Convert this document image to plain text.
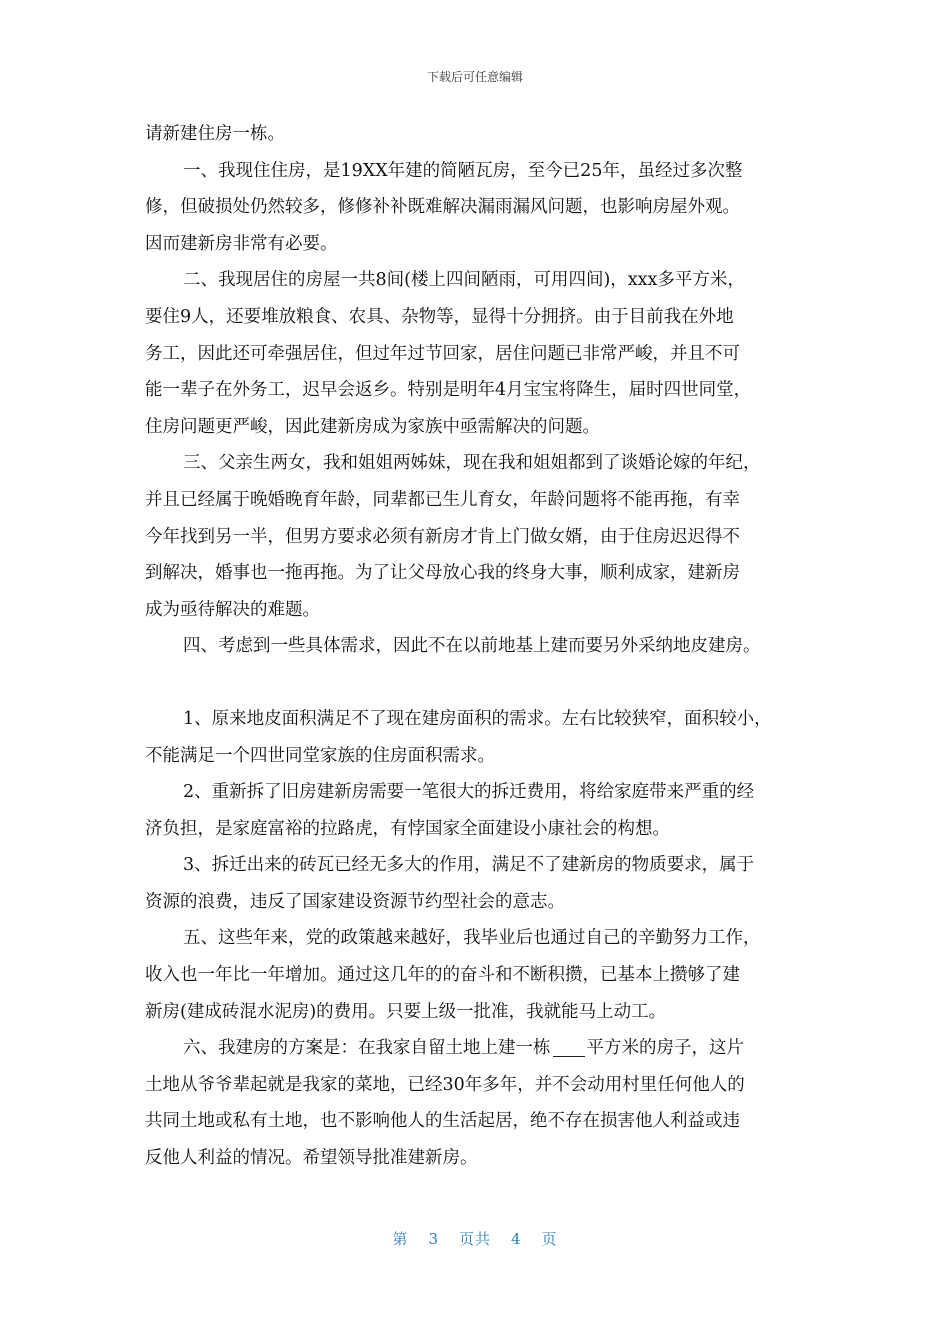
下载后可任意编辑
请新建住房一栋。
一、我现住住房，是19XX年建的简陋瓦房，至今已25年，虽经过多次整
修，但破损处仍然较多，修修补补既难解决漏雨漏风问题，也影响房屋外观。
因而建新房非常有必要。
二、我现居住的房屋一共8间(楼上四间陋雨，可用四间)，xxx多平方米，
要住9人，还要堆放粮食、农具、杂物等，显得十分拥挤。由于目前我在外地
务工，因此还可牵强居住，但过年过节回家，居住问题已非常严峻，并且不可
能一辈子在外务工，迟早会返乡。特别是明年4月宝宝将降生，届时四世同堂，
住房问题更严峻，因此建新房成为家族中亟需解决的问题。
三、父亲生两女，我和姐姐两姊妹，现在我和姐姐都到了谈婚论嫁的年纪，
并且已经属于晚婚晚育年龄，同辈都已生儿育女，年龄问题将不能再拖，有幸
今年找到另一半，但男方要求必须有新房才肯上门做女婿，由于住房迟迟得不
到解决，婚事也一拖再拖。为了让父母放心我的终身大事，顺利成家，建新房
成为亟待解决的难题。
四、考虑到一些具体需求，因此不在以前地基上建而要另外采纳地皮建房。
1、原来地皮面积满足不了现在建房面积的需求。左右比较狭窄，面积较小，
不能满足一个四世同堂家族的住房面积需求。
2、重新拆了旧房建新房需要一笔很大的拆迁费用，将给家庭带来严重的经
济负担，是家庭富裕的拉路虎，有悖国家全面建设小康社会的构想。
3、拆迁出来的砖瓦已经无多大的作用，满足不了建新房的物质要求，属于
资源的浪费，违反了国家建设资源节约型社会的意志。
五、这些年来，党的政策越来越好，我毕业后也通过自己的辛勤努力工作，
收入也一年比一年增加。通过这几年的的奋斗和不断积攒，已基本上攒够了建
新房(建成砖混水泥房)的费用。只要上级一批准，我就能马上动工。
六、我建房的方案是：在我家自留土地上建一栋 平方米的房子，这片
土地从爷爷辈起就是我家的菜地，已经30年多年，并不会动用村里任何他人的
共同土地或私有土地，也不影响他人的生活起居，绝不存在损害他人利益或违
反他人利益的情况。希望领导批准建新房。
第 3 页共 4 页
